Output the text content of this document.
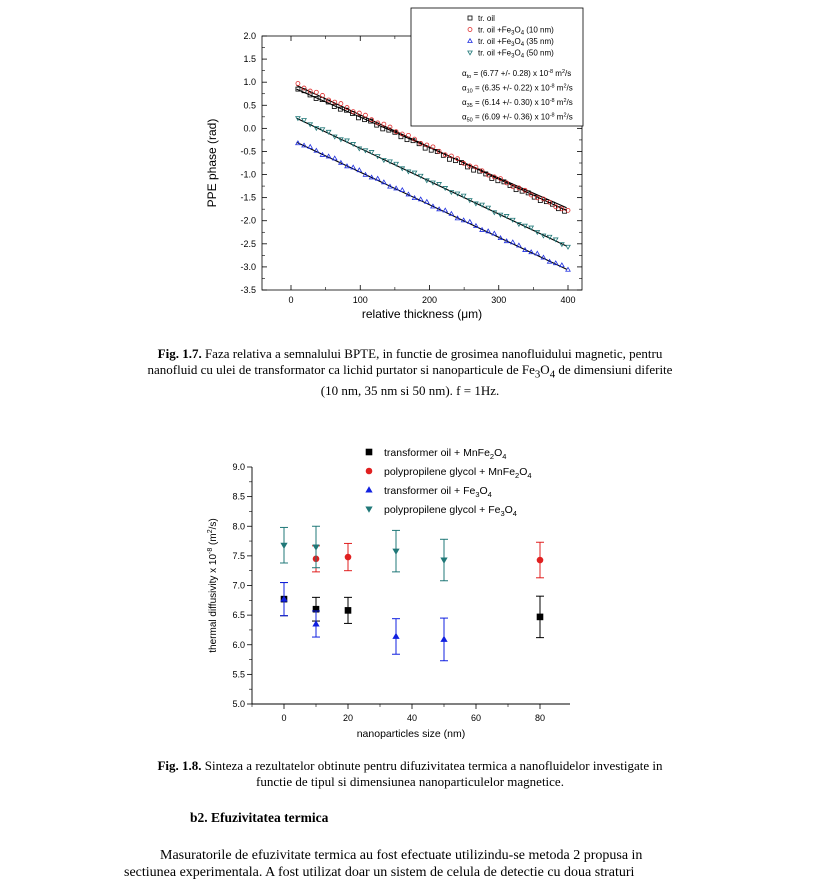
0	100	200	300	400
2.0
1.5
1.0
0.5
0.0
-0.5
-1.0
-1.5
-2.0
-2.5
-3.0
-3.5
relative thickness (μm)
PPE phase (rad)
tr. oil
tr. oil $+Fe_3O_4$ (10 nm)
tr. oil $+Fe_3O_4$ (35 nm)
tr. oil $+Fe_3O_4$ (50 nm)
$\alpha_{to} = (6.77$ +/- 0.28) x $10^{-8}$ $m^2/s$
$\alpha_{10} = (6.35$ +/- 0.22) x $10^{-8}$ $m^2/s$
$\alpha_{35} = (6.14$ +/- 0.30) x $10^{-8}$ $m^2/s$
$\alpha_{50} = (6.09$ +/- 0.36) x $10^{-8}$ $m^2/s$
0	20	40	60	80
9.0
8.5
8.0
7.5
7.0
6.5
6.0
5.5
5.0
nanoparticles size (nm)
thermal diffusivity x $10^{-8}$ $(m^2/s)$
transformer oil + $MnFe_2O_4$
polypropilene glycol + $MnFe_2O_4$
transformer oil + $Fe_3O_4$
polypropilene glycol + $Fe_3O_4$
Fig. 1.7. Faza relativa a semnalului BPTE, in functie de grosimea nanofluidului magnetic, pentru
nanofluid cu ulei de transformator ca lichid purtator si nanoparticule de $Fe_3O_4$ de dimensiuni diferite
(10 nm, 35 nm si 50 nm). f = 1Hz.
Fig. 1.8. Sinteza a rezultatelor obtinute pentru difuzivitatea termica a nanofluidelor investigate in
functie de tipul si dimensiunea nanoparticulelor magnetice.
b2. Efuzivitatea termica
Masuratorile de efuzivitate termica au fost efectuate utilizindu-se metoda 2 propusa in
sectiunea experimentala. A fost utilizat doar un sistem de celula de detectie cu doua straturi
